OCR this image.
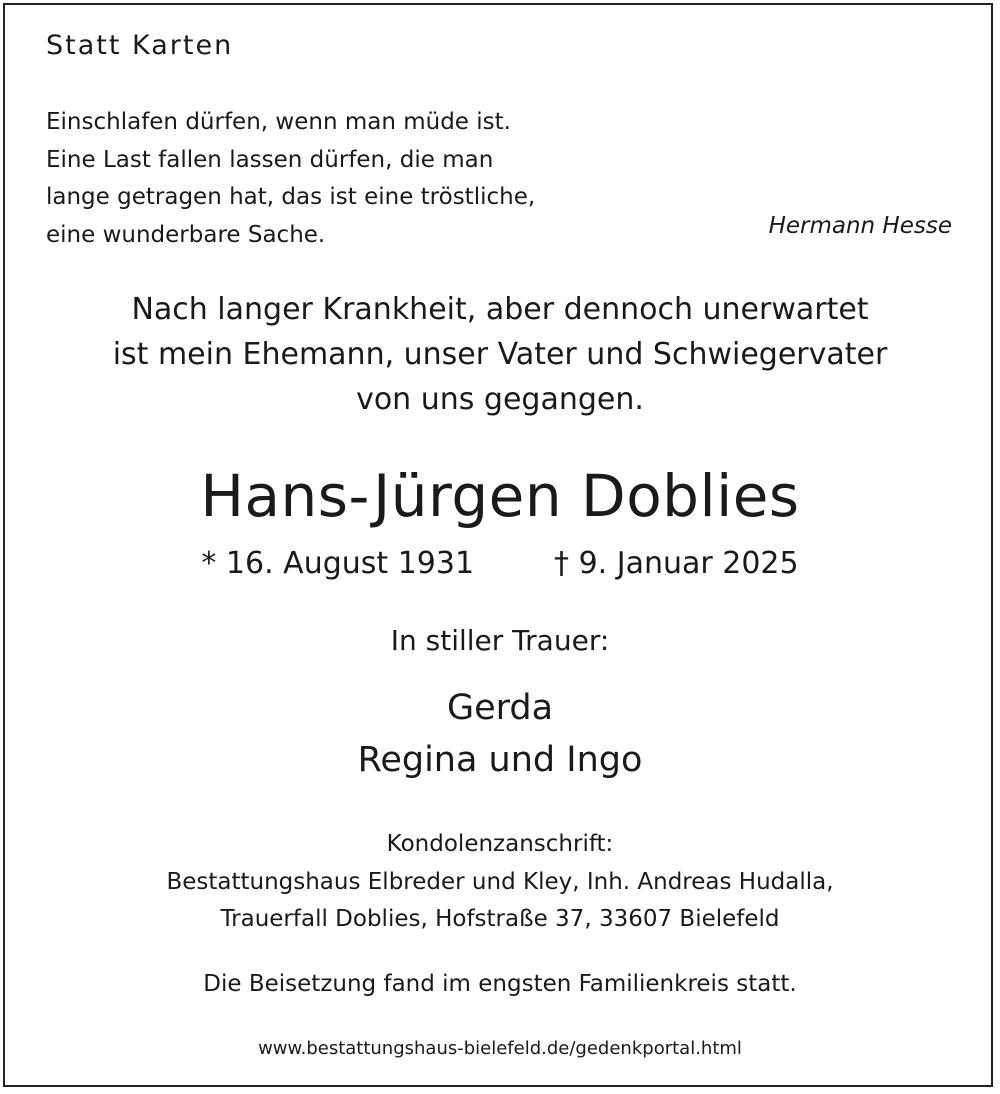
Statt Karten
Einschlafen dürfen, wenn man müde ist.
Eine Last fallen lassen dürfen, die man
lange getragen hat, das ist eine tröstliche,
eine wunderbare Sache.	Hermann Hesse
Nach langer Krankheit, aber dennoch unerwartet
ist mein Ehemann, unser Vater und Schwiegervater
von uns gegangen.
Hans-Jürgen Doblies
* 16. August 1931	† 9. Januar 2025
In stiller Trauer:
Gerda
Regina und Ingo
Kondolenzanschrift:
Bestattungshaus Elbreder und Kley, Inh. Andreas Hudalla,
Trauerfall Doblies, Hofstraße 37, 33607 Bielefeld
Die Beisetzung fand im engsten Familienkreis statt.
www.bestattungshaus-bielefeld.de/gedenkportal.html
